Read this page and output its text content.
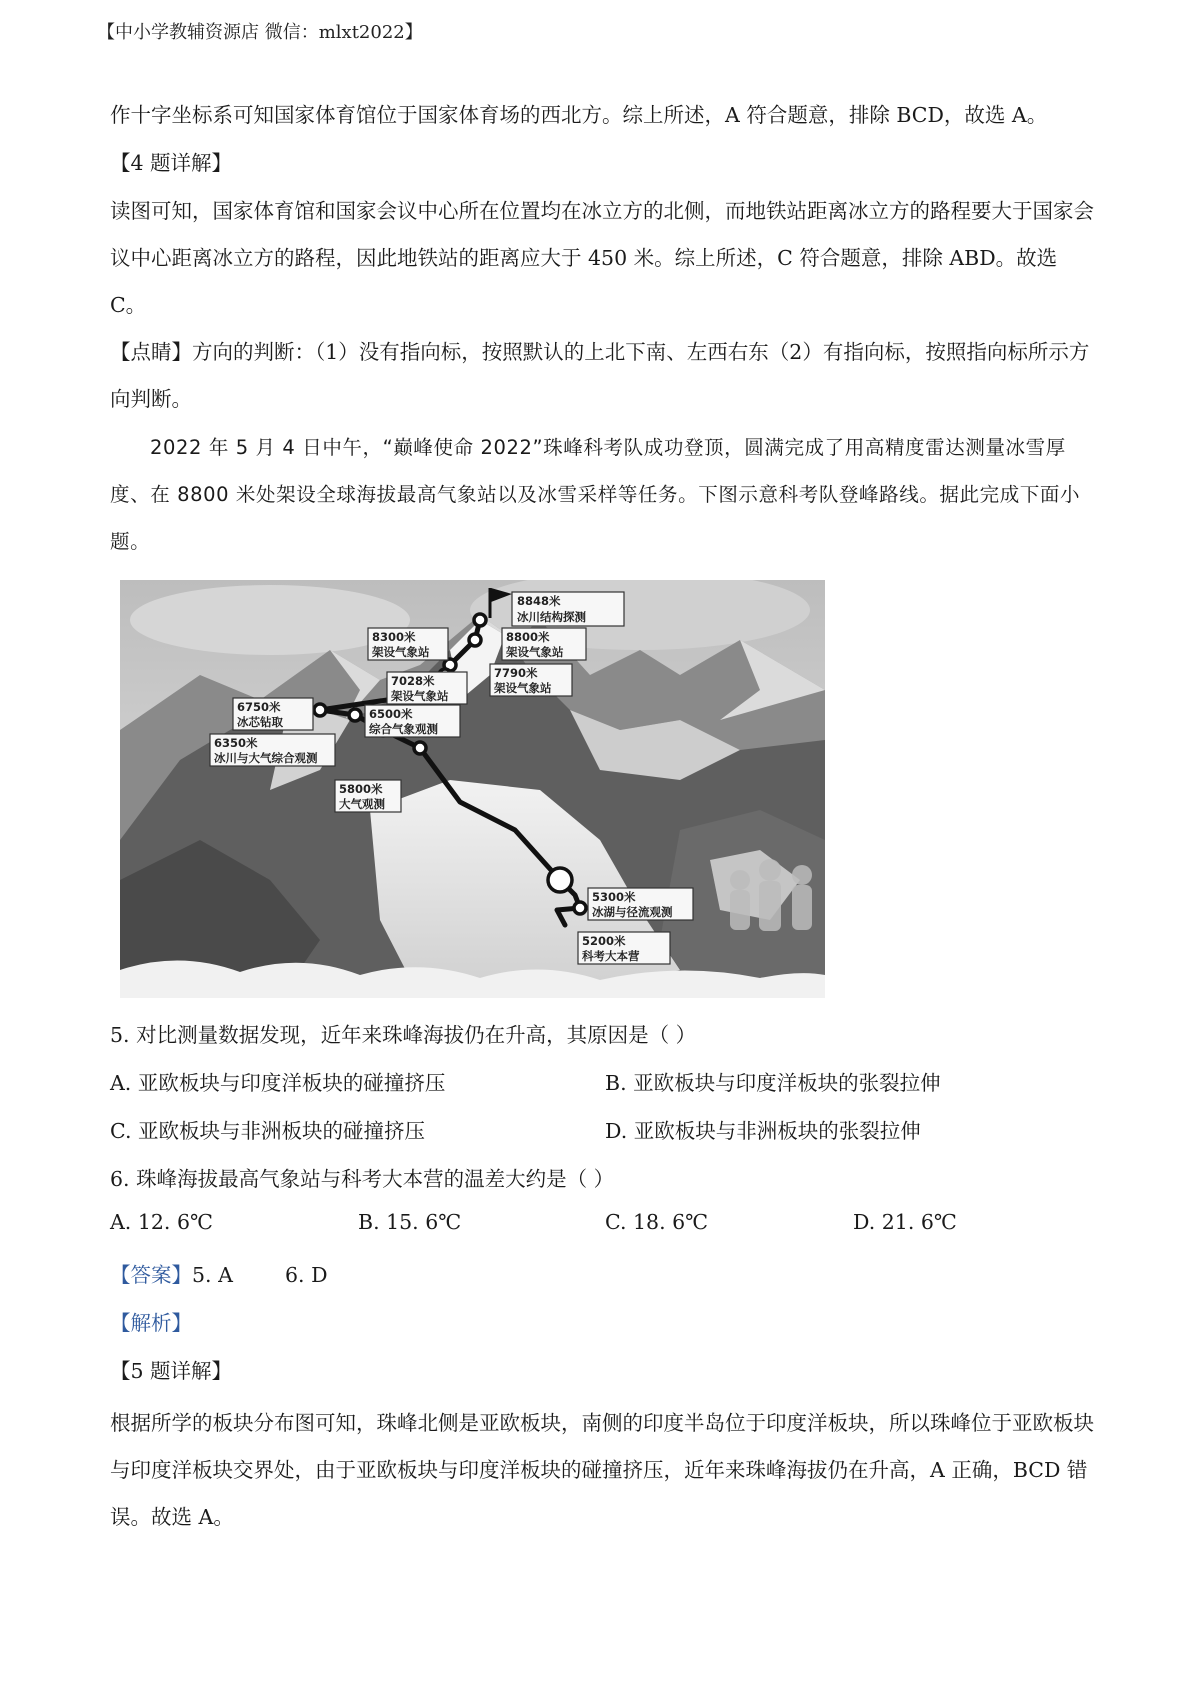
【中小学教辅资源店 微信：mlxt2022】

作十字坐标系可知国家体育馆位于国家体育场的西北方。综上所述，A 符合题意，排除 BCD，故选 A。

【4 题详解】

读图可知，国家体育馆和国家会议中心所在位置均在冰立方的北侧，而地铁站距离冰立方的路程要大于国家会议中心距离冰立方的路程，因此地铁站的距离应大于 450 米。综上所述，C 符合题意，排除 ABD。故选 C。

【点睛】方向的判断：（1）没有指向标，按照默认的上北下南、左西右东（2）有指向标，按照指向标所示方向判断。

2022 年 5 月 4 日中午，“巅峰使命 2022”珠峰科考队成功登顶，圆满完成了用高精度雷达测量冰雪厚度、在 8800 米处架设全球海拔最高气象站以及冰雪采样等任务。下图示意科考队登峰路线。据此完成下面小题。

8848米
冰川结构探测
8800米
架设气象站
8300米
架设气象站
7790米
架设气象站
7028米
架设气象站
6750米
冰芯钻取
6500米
综合气象观测
6350米
冰川与大气综合观测
5800米
大气观测
5300米
冰湖与径流观测
5200米
科考大本营
5. 对比测量数据发现，近年来珠峰海拔仍在升高，其原因是（ ）
A. 亚欧板块与印度洋板块的碰撞挤压	B. 亚欧板块与印度洋板块的张裂拉伸
C. 亚欧板块与非洲板块的碰撞挤压	D. 亚欧板块与非洲板块的张裂拉伸
6. 珠峰海拔最高气象站与科考大本营的温差大约是（ ）
A. 12. 6℃	B. 15. 6℃	C. 18. 6℃	D. 21. 6℃
【答案】5. A        6. D
【解析】
【5 题详解】

根据所学的板块分布图可知，珠峰北侧是亚欧板块，南侧的印度半岛位于印度洋板块，所以珠峰位于亚欧板块与印度洋板块交界处，由于亚欧板块与印度洋板块的碰撞挤压，近年来珠峰海拔仍在升高，A 正确，BCD 错误。故选 A。
